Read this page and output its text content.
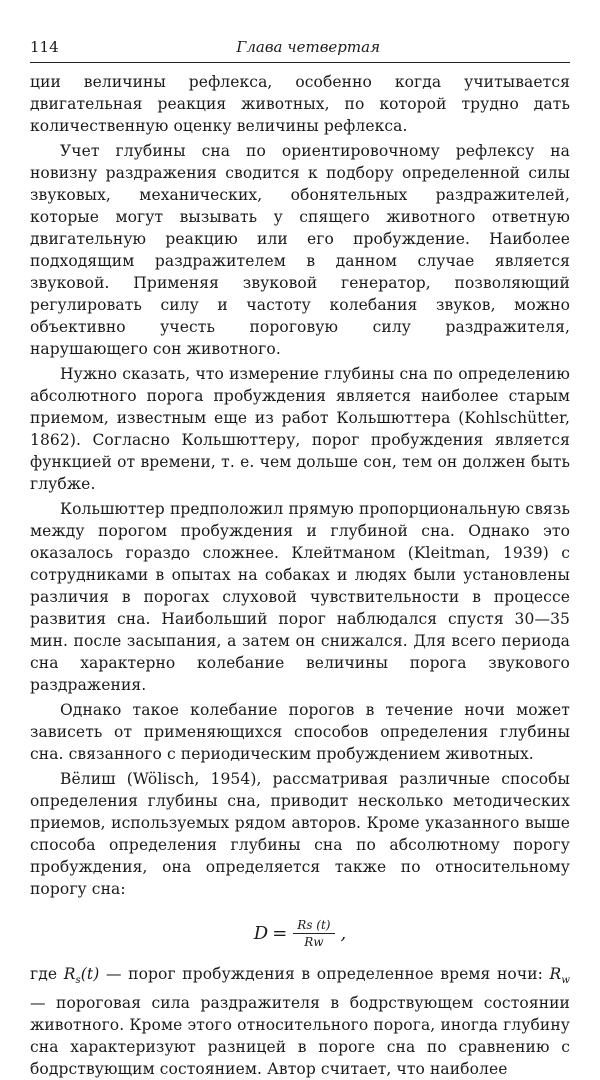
114	Глава четвертая

ции величины рефлекса, особенно когда учитывается двигательная реакция животных, по которой трудно дать количественную оценку величины рефлекса.

Учет глубины сна по ориентировочному рефлексу на новизну раздражения сводится к подбору определенной силы звуковых, механических, обонятельных раздражителей, которые могут вызывать у спящего животного ответную двигательную реакцию или его пробуждение. Наиболее подходящим раздражителем в данном случае является звуковой. Применяя звуковой генератор, позволяющий регулировать силу и частоту колебания звуков, можно объективно учесть пороговую силу раздражителя, нарушающего сон животного.

Нужно сказать, что измерение глубины сна по определению абсолютного порога пробуждения является наиболее старым приемом, известным еще из работ Кольшюттера (Kohlschütter, 1862). Согласно Кольшюттеру, порог пробуждения является функцией от времени, т. е. чем дольше сон, тем он должен быть глубже.

Кольшюттер предположил прямую пропорциональную связь между порогом пробуждения и глубиной сна. Однако это оказалось гораздо сложнее. Клейтманом (Kleitman, 1939) с сотрудниками в опытах на собаках и людях были установлены различия в порогах слуховой чувствительности в процессе развития сна. Наибольший порог наблюдался спустя 30—35 мин. после засыпания, а затем он снижался. Для всего периода сна характерно колебание величины порога звукового раздражения.

Однако такое колебание порогов в течение ночи может зависеть от применяющихся способов определения глубины сна. связанного с периодическим пробуждением животных.

Вёлиш (Wölisch, 1954), рассматривая различные способы определения глубины сна, приводит несколько методических приемов, используемых рядом авторов. Кроме указанного выше способа определения глубины сна по абсолютному порогу пробуждения, она определяется также по относительному порогу сна:

$D = \frac{Rs (t)}{Rw}$ ,

где $R_s(t)$ — порог пробуждения в определенное время ночи: $R_w$ — пороговая сила раздражителя в бодрствующем состоянии животного. Кроме этого относительного порога, иногда глубину сна характеризуют разницей в пороге сна по сравнению с бодрствующим состоянием. Автор считает, что наиболее
